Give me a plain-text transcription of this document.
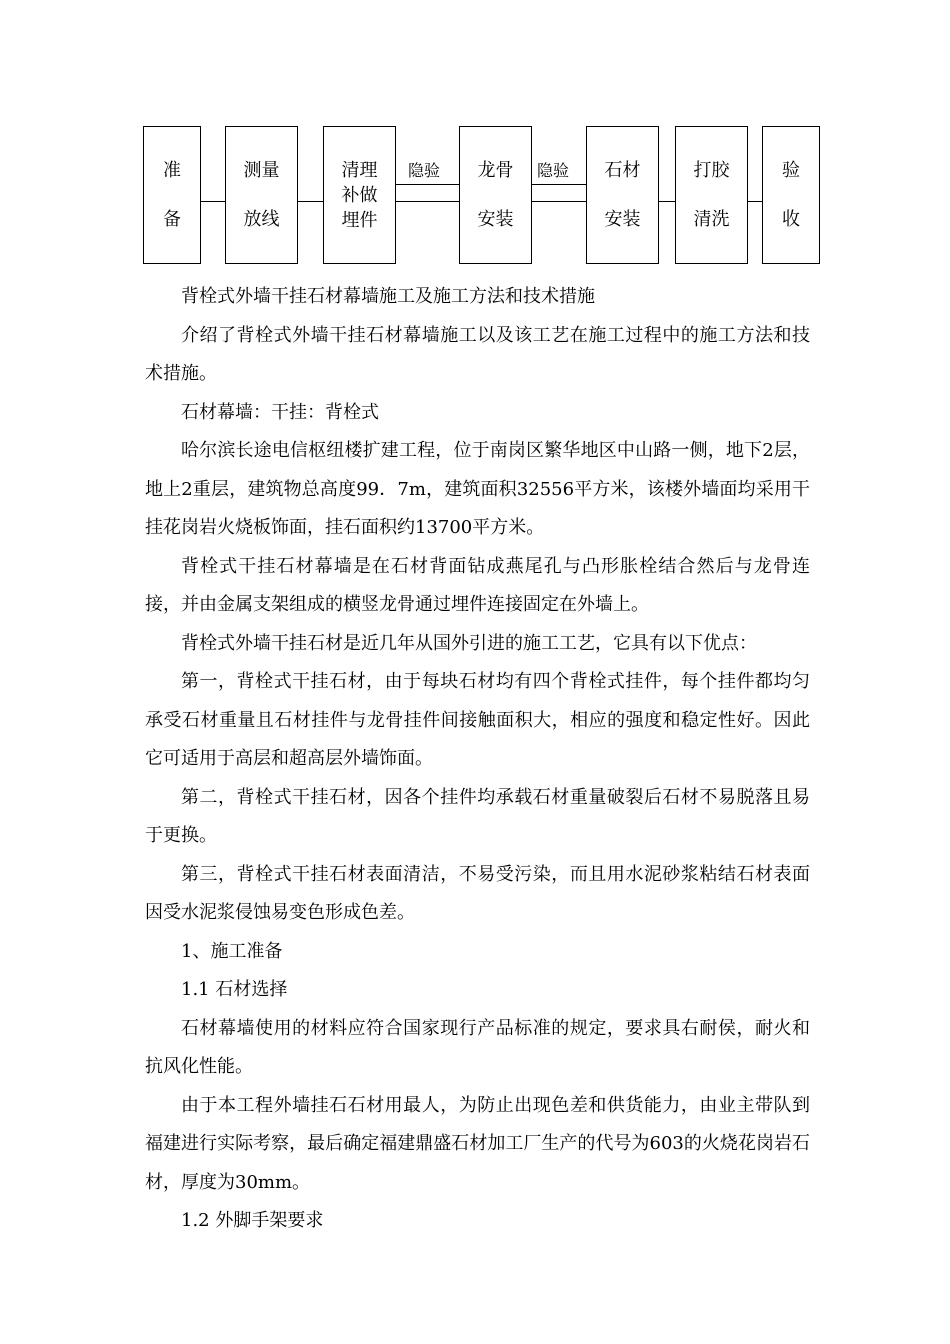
准
备
测量
放线
清理
补做
埋件
龙骨
安装
石材
安装
打胶
清洗
验
收
隐验	隐验

背栓式外墙干挂石材幕墙施工及施工方法和技术措施

介绍了背栓式外墙干挂石材幕墙施工以及该工艺在施工过程中的施工方法和技术措施。

石材幕墙：干挂：背栓式

哈尔滨长途电信枢纽楼扩建工程，位于南岗区繁华地区中山路一侧，地下2层，地上2重层，建筑物总高度99．7m，建筑面积32556平方米，该楼外墙面均采用干挂花岗岩火烧板饰面，挂石面积约13700平方米。

背栓式干挂石材幕墙是在石材背面钻成燕尾孔与凸形胀栓结合然后与龙骨连接，并由金属支架组成的横竖龙骨通过埋件连接固定在外墙上。

背栓式外墙干挂石材是近几年从国外引进的施工工艺，它具有以下优点：

第一，背栓式干挂石材，由于每块石材均有四个背栓式挂件，每个挂件都均匀承受石材重量且石材挂件与龙骨挂件间接触面积大，相应的强度和稳定性好。因此它可适用于高层和超高层外墙饰面。

第二，背栓式干挂石材，因各个挂件均承载石材重量破裂后石材不易脱落且易于更换。

第三，背栓式干挂石材表面清洁，不易受污染，而且用水泥砂浆粘结石材表面因受水泥浆侵蚀易变色形成色差。

1、施工准备

1.1 石材选择

石材幕墙使用的材料应符合国家现行产品标准的规定，要求具右耐侯，耐火和抗风化性能。

由于本工程外墙挂石石材用最人，为防止出现色差和供货能力，由业主带队到福建进行实际考察，最后确定福建鼎盛石材加工厂生产的代号为603的火烧花岗岩石材，厚度为30mm。

1.2 外脚手架要求
